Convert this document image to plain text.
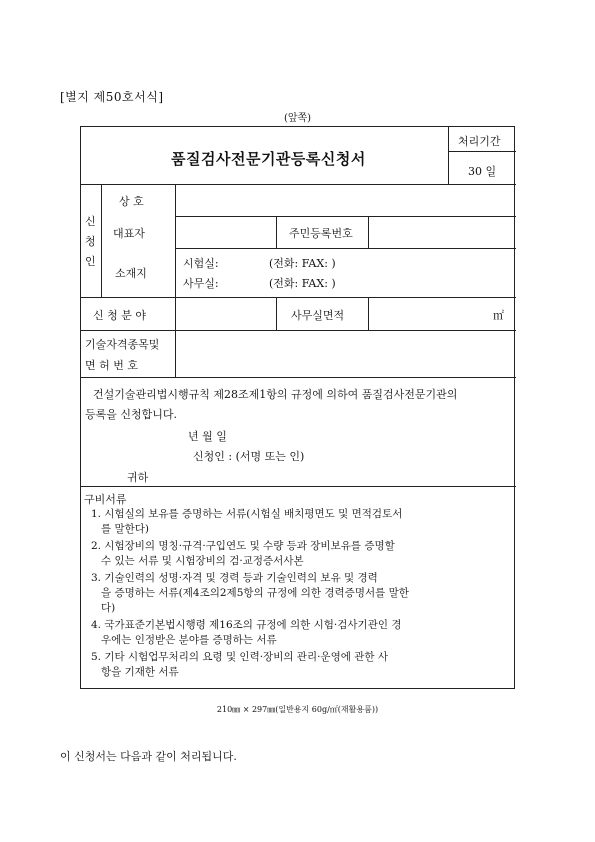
[별지 제50호서식]
(앞쪽)
품질검사전문기관등록신청서
처리기간
30 일
신
청
인
상 호
대표자	주민등록번호
소재지
시험실:	(전화: FAX: )
사무실:	(전화: FAX: )
신 청 분 야	사무실면적	㎡
기술자격종목및
면 허 번 호
건설기술관리법시행규칙 제28조제1항의 규정에 의하여 품질검사전문기관의
등록을 신청합니다.
년 월 일
신청인 : (서명 또는 인)
귀하
구비서류

1. 시험실의 보유를 증명하는 서류(시험실 배치평면도 및 면적검토서

를 말한다)

2. 시험장비의 명칭·규격·구입연도 및 수량 등과 장비보유를 증명할

수 있는 서류 및 시험장비의 검·교정증서사본

3. 기술인력의 성명·자격 및 경력 등과 기술인력의 보유 및 경력

을 증명하는 서류(제4조의2제5항의 규정에 의한 경력증명서를 말한

다)

4. 국가표준기본법시행령 제16조의 규정에 의한 시험·검사기관인 경

우에는 인정받은 분야를 증명하는 서류

5. 기타 시험업무처리의 요령 및 인력·장비의 관리·운영에 관한 사

항을 기재한 서류

210㎜ × 297㎜(일반용지 60g/㎡(재활용품))
이 신청서는 다음과 같이 처리됩니다.
